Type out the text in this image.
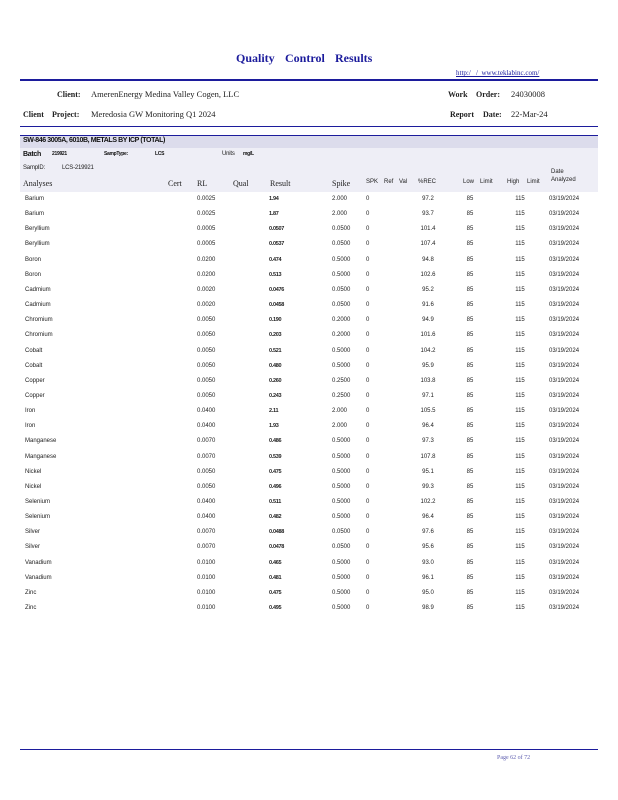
Quality Control Results
http:/   /  www.teklabinc.com/
Client: AmerenEnergy Medina Valley Cogen, LLC
Client Project: Meredosia GW Monitoring Q1 2024
Work Order: 24030008
Report Date: 22-Mar-24
SW-846 3005A, 6010B, METALS BY ICP (TOTAL)
Batch 219921	SampType:	LCS	Units mg/L
SampID:	LCS-219921
Analyses	Cert RL	Qual	Result	Spike	SPK Ref Val %REC	Low Limit High Limit
Date
Analyzed
Barium	0.0025	1.94	2.000	0	97.2	85	115	03/19/2024
Barium	0.0025	1.87	2.000	0	93.7	85	115	03/19/2024
Beryllium	0.0005	0.0507	0.0500	0	101.4	85	115	03/19/2024
Beryllium	0.0005	0.0537	0.0500	0	107.4	85	115	03/19/2024
Boron	0.0200	0.474	0.5000	0	94.8	85	115	03/19/2024
Boron	0.0200	0.513	0.5000	0	102.6	85	115	03/19/2024
Cadmium	0.0020	0.0476	0.0500	0	95.2	85	115	03/19/2024
Cadmium	0.0020	0.0458	0.0500	0	91.6	85	115	03/19/2024
Chromium	0.0050	0.190	0.2000	0	94.9	85	115	03/19/2024
Chromium	0.0050	0.203	0.2000	0	101.6	85	115	03/19/2024
Cobalt	0.0050	0.521	0.5000	0	104.2	85	115	03/19/2024
Cobalt	0.0050	0.480	0.5000	0	95.9	85	115	03/19/2024
Copper	0.0050	0.260	0.2500	0	103.8	85	115	03/19/2024
Copper	0.0050	0.243	0.2500	0	97.1	85	115	03/19/2024
Iron	0.0400	2.11	2.000	0	105.5	85	115	03/19/2024
Iron	0.0400	1.93	2.000	0	96.4	85	115	03/19/2024
Manganese	0.0070	0.486	0.5000	0	97.3	85	115	03/19/2024
Manganese	0.0070	0.539	0.5000	0	107.8	85	115	03/19/2024
Nickel	0.0050	0.475	0.5000	0	95.1	85	115	03/19/2024
Nickel	0.0050	0.496	0.5000	0	99.3	85	115	03/19/2024
Selenium	0.0400	0.511	0.5000	0	102.2	85	115	03/19/2024
Selenium	0.0400	0.482	0.5000	0	96.4	85	115	03/19/2024
Silver	0.0070	0.0488	0.0500	0	97.6	85	115	03/19/2024
Silver	0.0070	0.0478	0.0500	0	95.6	85	115	03/19/2024
Vanadium	0.0100	0.465	0.5000	0	93.0	85	115	03/19/2024
Vanadium	0.0100	0.481	0.5000	0	96.1	85	115	03/19/2024
Zinc	0.0100	0.475	0.5000	0	95.0	85	115	03/19/2024
Zinc	0.0100	0.495	0.5000	0	98.9	85	115	03/19/2024
Page 62 of 72
